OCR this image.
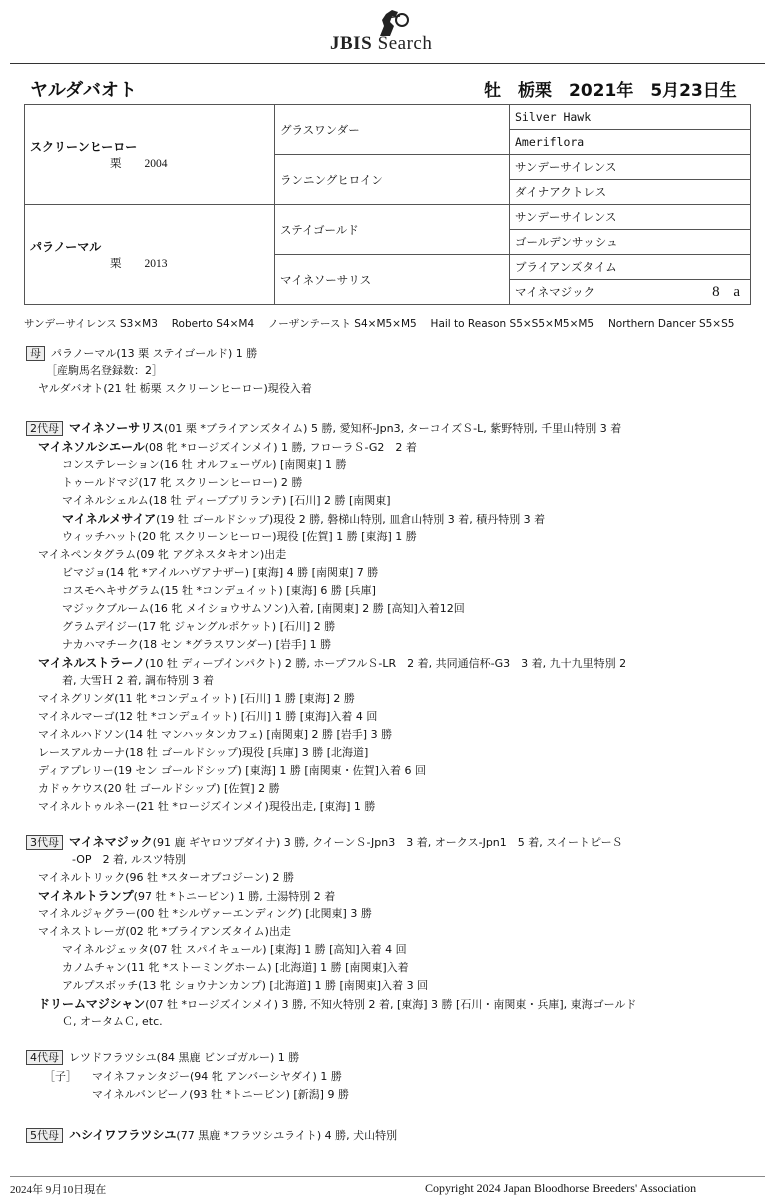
JBIS Search
ヤルダバオト	牡　栃栗　2021年　5月23日生
スクリーンヒーロー
栗　　 2004	グラスワンダー	Silver Hawk
		Ameriflora
	ランニングヒロイン	サンデーサイレンス
		ダイナアクトレス

パラノーマル
栗　　 2013	ステイゴールド	サンデーサイレンス
		ゴールデンサッシュ
	マイネソーサリス	ブライアンズタイム
		マイネマジック 8 a
サンデーサイレンス S3×M3　 Roberto S4×M4　 ノーザンテースト S4×M5×M5　 Hail to Reason S5×S5×M5×M5　 Northern Dancer S5×S5
母 パラノーマル(13 栗 ステイゴールド) 1 勝
［産駒馬名登録数：2］
ヤルダバオト(21 牡 栃栗 スクリーンヒーロー)現役入着
2代母 マイネソーサリス(01 栗 *ブライアンズタイム) 5 勝, 愛知杯-Jpn3, ターコイズＳ-L, 紫野特別, 千里山特別 3 着
マイネソルシエール(08 牝 *ロージズインメイ) 1 勝, フローラＳ-G2　2 着
コンステレーション(16 牡 オルフェーヴル) [南関東] 1 勝
トゥールドマジ(17 牝 スクリーンヒーロー) 2 勝
マイネルシェルム(18 牡 ディープブリランテ) [石川] 2 勝 [南関東]
マイネルメサイア(19 牡 ゴールドシップ)現役 2 勝, 磐梯山特別, 皿倉山特別 3 着, 積丹特別 3 着
ウィッチハット(20 牝 スクリーンヒーロー)現役 [佐賀] 1 勝 [東海] 1 勝
マイネペンタグラム(09 牝 アグネスタキオン)出走
ビマジョ(14 牝 *アイルハヴアナザー) [東海] 4 勝 [南関東] 7 勝
コスモヘキサグラム(15 牡 *コンデュイット) [東海] 6 勝 [兵庫]
マジックブルーム(16 牝 メイショウサムソン)入着, [南関東] 2 勝 [高知]入着12回
グラムデイジー(17 牝 ジャングルポケット) [石川] 2 勝
ナカハマチーク(18 セン *グラスワンダー) [岩手] 1 勝
マイネルストラーノ(10 牡 ディープインパクト) 2 勝, ホープフルＳ-LR　2 着, 共同通信杯-G3　3 着, 九十九里特別 2
着, 大雪Ｈ 2 着, 調布特別 3 着
マイネグリンダ(11 牝 *コンデュイット) [石川] 1 勝 [東海] 2 勝
マイネルマーゴ(12 牡 *コンデュイット) [石川] 1 勝 [東海]入着 4 回
マイネルハドソン(14 牡 マンハッタンカフェ) [南関東] 2 勝 [岩手] 3 勝
レースアルカーナ(18 牡 ゴールドシップ)現役 [兵庫] 3 勝 [北海道]
ディアプレリー(19 セン ゴールドシップ) [東海] 1 勝 [南関東・佐賀]入着 6 回
カドゥケウス(20 牡 ゴールドシップ) [佐賀] 2 勝
マイネルトゥルネー(21 牡 *ロージズインメイ)現役出走, [東海] 1 勝
3代母 マイネマジック(91 鹿 ギヤロツプダイナ) 3 勝, クイーンＳ-Jpn3　3 着, オークス-Jpn1　5 着, スイートピーＳ
-OP　2 着, ルスツ特別
マイネルトリック(96 牡 *スターオブコジーン) 2 勝
マイネルトランプ(97 牡 *トニービン) 1 勝, 土湯特別 2 着
マイネルジャグラー(00 牡 *シルヴァーエンディング) [北関東] 3 勝
マイネストレーガ(02 牝 *ブライアンズタイム)出走
マイネルジェッタ(07 牡 スパイキュール) [東海] 1 勝 [高知]入着 4 回
カノムチャン(11 牝 *ストーミングホーム) [北海道] 1 勝 [南関東]入着
アルプスボッチ(13 牝 ショウナンカンプ) [北海道] 1 勝 [南関東]入着 3 回
ドリームマジシャン(07 牡 *ロージズインメイ) 3 勝, 不知火特別 2 着, [東海] 3 勝 [石川・南関東・兵庫], 東海ゴールド
Ｃ, オータムＣ, etc.
4代母 レツドフラツシユ(84 黒鹿 ビンゴガルー) 1 勝
［子］ マイネファンタジー(94 牝 アンバーシヤダイ) 1 勝
マイネルバンビーノ(93 牡 *トニービン) [新潟] 9 勝
5代母 ハシイワフラツシユ(77 黒鹿 *フラツシユライト) 4 勝, 犬山特別
2024年 9月10日現在	Copyright 2024 Japan Bloodhorse Breeders' Association
